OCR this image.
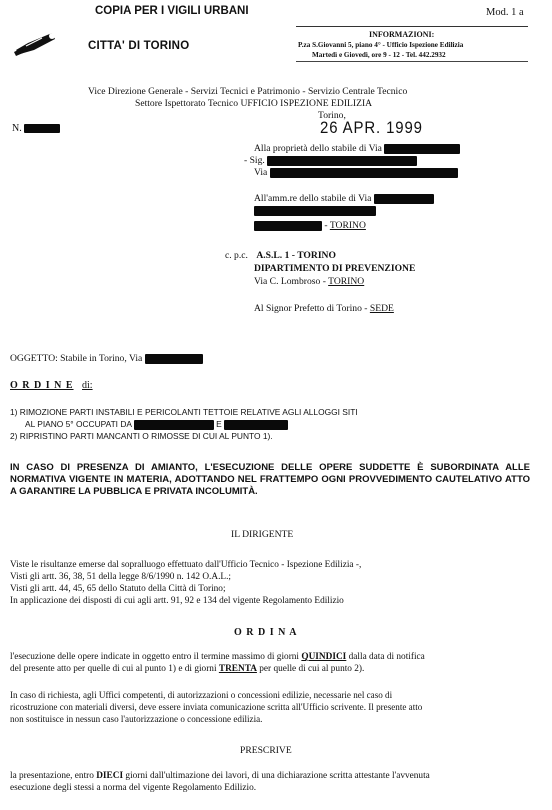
COPIA PER I VIGILI URBANI	Mod. 1 a
CITTA' DI TORINO
INFORMAZIONI:
P.za S.Giovanni 5, piano 4° - Ufficio Ispezione Edilizia
Martedì e Giovedì, ore 9 - 12 - Tel. 442.2932
Vice Direzione Generale - Servizi Tecnici e Patrimonio - Servizio Centrale Tecnico
Settore Ispettorato Tecnico UFFICIO ISPEZIONE EDILIZIA
Torino,
N.	26 APR. 1999
Alla proprietà dello stabile di Via
- Sig.
Via
All'amm.re dello stabile di Via
- TORINO
c. p.c. A.S.L. 1 - TORINO
DIPARTIMENTO DI PREVENZIONE
Via C. Lombroso - TORINO
Al Signor Prefetto di Torino - SEDE
OGGETTO: Stabile in Torino, Via
O R D I N E di:
1) RIMOZIONE PARTI INSTABILI E PERICOLANTI TETTOIE RELATIVE AGLI ALLOGGI SITI
AL PIANO 5° OCCUPATI DA	E
2) RIPRISTINO PARTI MANCANTI O RIMOSSE DI CUI AL PUNTO 1).
IN CASO DI PRESENZA DI AMIANTO, L'ESECUZIONE DELLE OPERE SUDDETTE È SUBORDINATA ALLE NORMATIVA VIGENTE IN MATERIA, ADOTTANDO NEL FRATTEMPO OGNI PROVVEDIMENTO CAUTELATIVO ATTO A GARANTIRE LA PUBBLICA E PRIVATA INCOLUMITÀ.
IL DIRIGENTE
Viste le risultanze emerse dal sopralluogo effettuato dall'Ufficio Tecnico - Ispezione Edilizia -,
Visti gli artt. 36, 38, 51 della legge 8/6/1990 n. 142 O.A.L.;
Visti gli artt. 44, 45, 65 dello Statuto della Città di Torino;
In applicazione dei disposti di cui agli artt. 91, 92 e 134 del vigente Regolamento Edilizio
O R D I N A
l'esecuzione delle opere indicate in oggetto entro il termine massimo di giorni QUINDICI dalla data di notifica
del presente atto per quelle di cui al punto 1) e di giorni TRENTA per quelle di cui al punto 2).
In caso di richiesta, agli Uffici competenti, di autorizzazioni o concessioni edilizie, necessarie nel caso di
ricostruzione con materiali diversi, deve essere inviata comunicazione scritta all'Ufficio scrivente. Il presente atto
non sostituisce in nessun caso l'autorizzazione o concessione edilizia.
PRESCRIVE
la presentazione, entro DIECI giorni dall'ultimazione dei lavori, di una dichiarazione scritta attestante l'avvenuta
esecuzione degli stessi a norma del vigente Regolamento Edilizio.
